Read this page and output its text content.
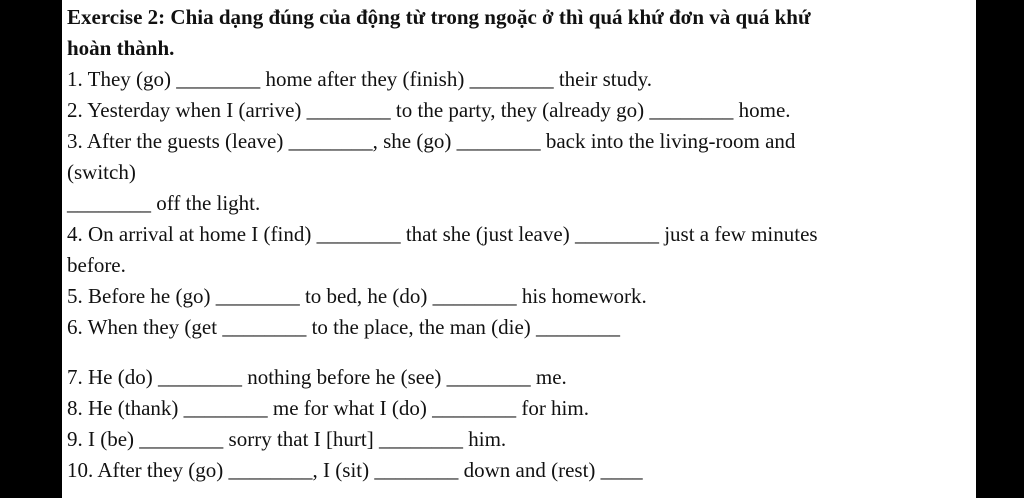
Exercise 2: Chia dạng đúng của động từ trong ngoặc ở thì quá khứ đơn và quá khứ
hoàn thành.
1. They (go) ________ home after they (finish) ________ their study.
2. Yesterday when I (arrive) ________ to the party, they (already go) ________ home.
3. After the guests (leave) ________, she (go) ________ back into the living-room and
(switch)
________ off the light.
4. On arrival at home I (find) ________ that she (just leave) ________ just a few minutes
before.
5. Before he (go) ________ to bed, he (do) ________ his homework.
6. When they (get ________ to the place, the man (die) ________
7. He (do) ________ nothing before he (see) ________ me.
8. He (thank) ________ me for what I (do) ________ for him.
9. I (be) ________ sorry that I [hurt] ________ him.
10. After they (go) ________, I (sit) ________ down and (rest) ____
